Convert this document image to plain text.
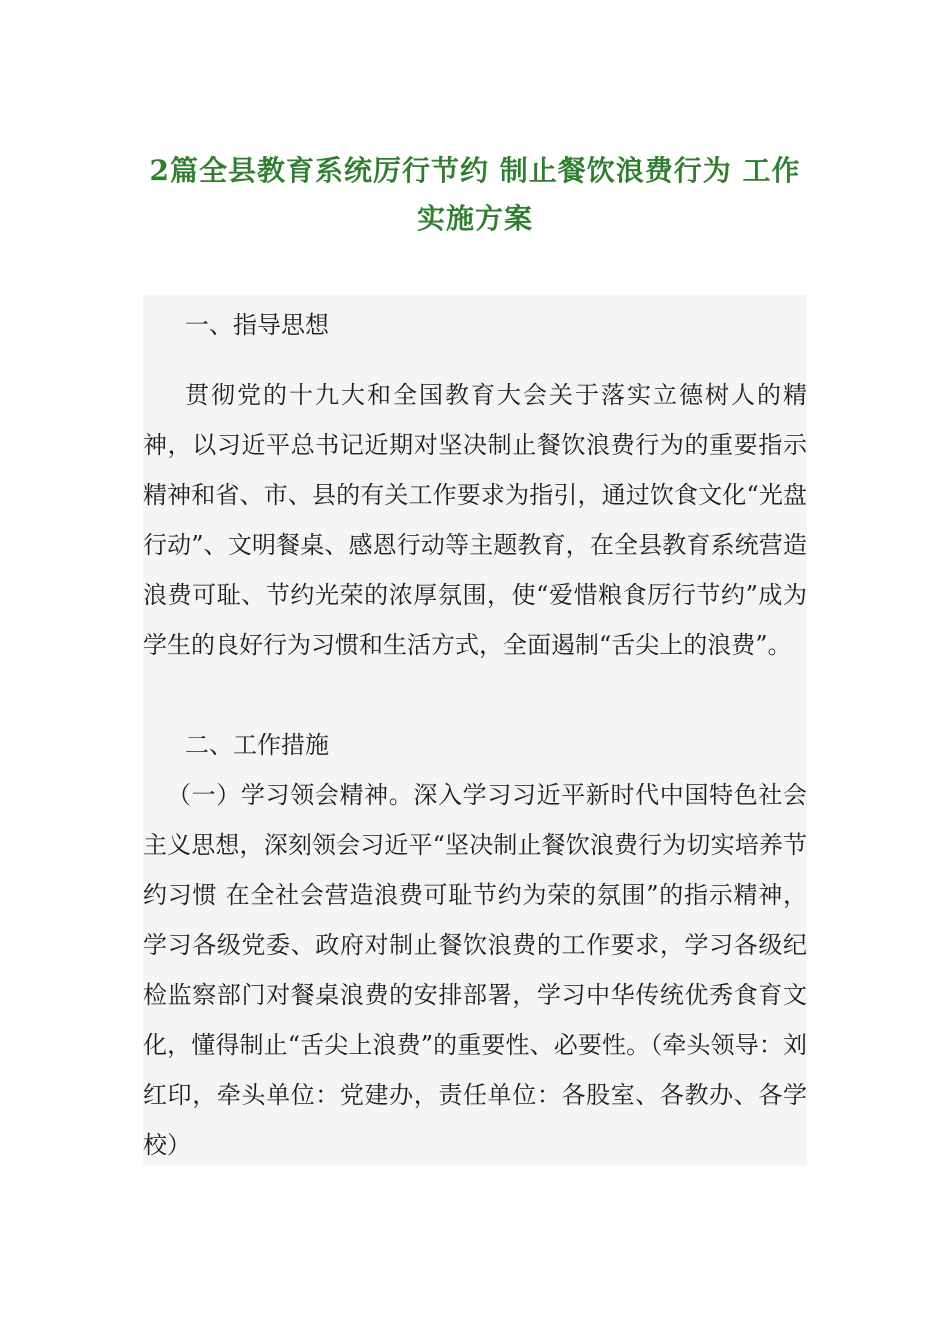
2篇全县教育系统厉行节约 制止餐饮浪费行为 工作
实施方案

一、指导思想

贯彻党的十九大和全国教育大会关于落实立德树人的精神，以习近平总书记近期对坚决制止餐饮浪费行为的重要指示精神和省、市、县的有关工作要求为指引，通过饮食文化“光盘行动”、文明餐桌、感恩行动等主题教育，在全县教育系统营造浪费可耻、节约光荣的浓厚氛围，使“爱惜粮食厉行节约”成为学生的良好行为习惯和生活方式，全面遏制“舌尖上的浪费”。

二、工作措施

（一）学习领会精神。深入学习习近平新时代中国特色社会主义思想，深刻领会习近平“坚决制止餐饮浪费行为切实培养节约习惯 在全社会营造浪费可耻节约为荣的氛围”的指示精神，学习各级党委、政府对制止餐饮浪费的工作要求，学习各级纪检监察部门对餐桌浪费的安排部署，学习中华传统优秀食育文化，懂得制止“舌尖上浪费”的重要性、必要性。（牵头领导：刘红印，牵头单位：党建办，责任单位：各股室、各教办、各学校）
